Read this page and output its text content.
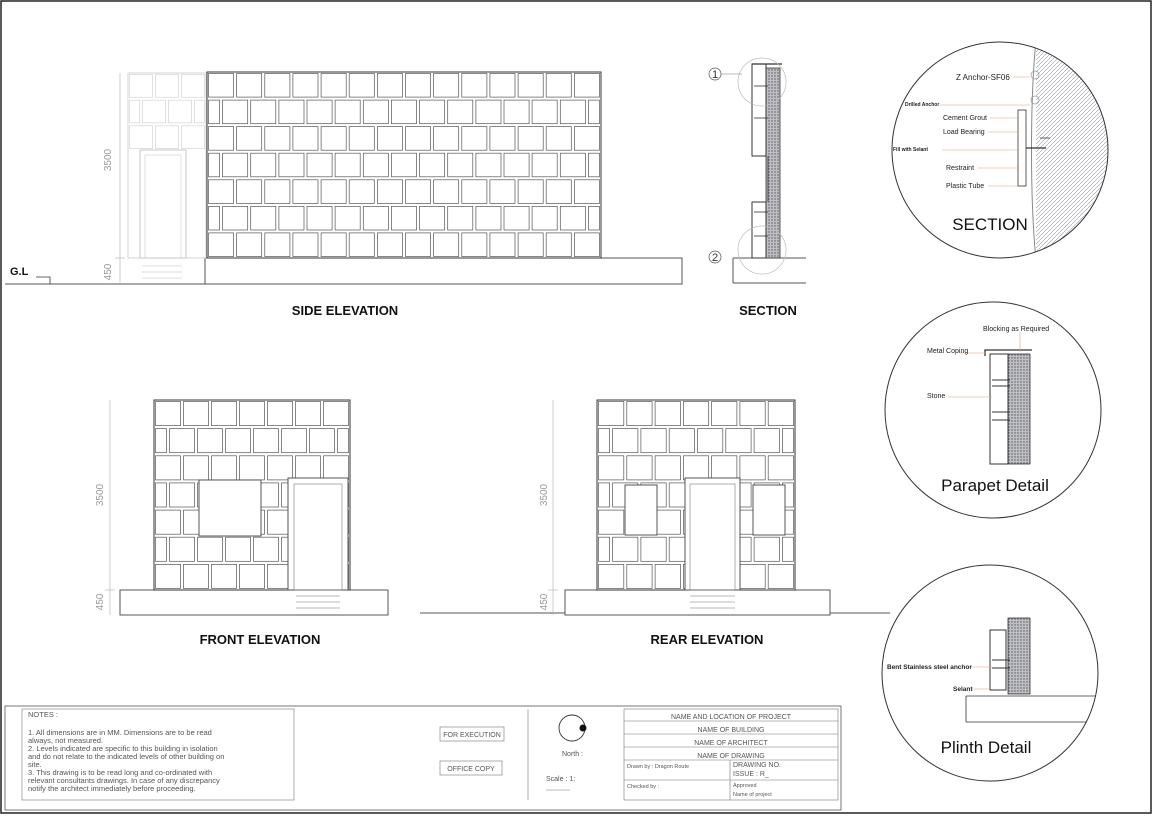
3500
450
G.L
SIDE ELEVATION
1
2
SECTION
3500
450
FRONT ELEVATION
3500
450
REAR ELEVATION
Z Anchor-SF06
Drilled Anchor
Cement Grout
Load Bearing
Fill with Selant
Restraint
Plastic Tube
SECTION
Blocking as Required
Metal Coping
Stone
Parapet Detail
Bent Stainless steel anchor
Selant
Plinth Detail
NOTES :
1. All dimensions are in MM. Dimensions are to be read
always, not measured.
2. Levels indicated are specific to this building in isolation
and do not relate to the indicated levels of other building on
site.
3. This drawing is to be read long and co-ordinated with
relevant consultants drawings. In case of any discrepancy
notify the architect immediately before proceeding.
FOR EXECUTION
OFFICE COPY
North :
Scale : 1:
NAME AND LOCATION OF PROJECT
NAME OF BUILDING
NAME OF ARCHITECT
NAME OF DRAWING
Drawn by : Dragon Route	DRAWING NO.
ISSUE : R_
Checked by :	Approved
Name of project
